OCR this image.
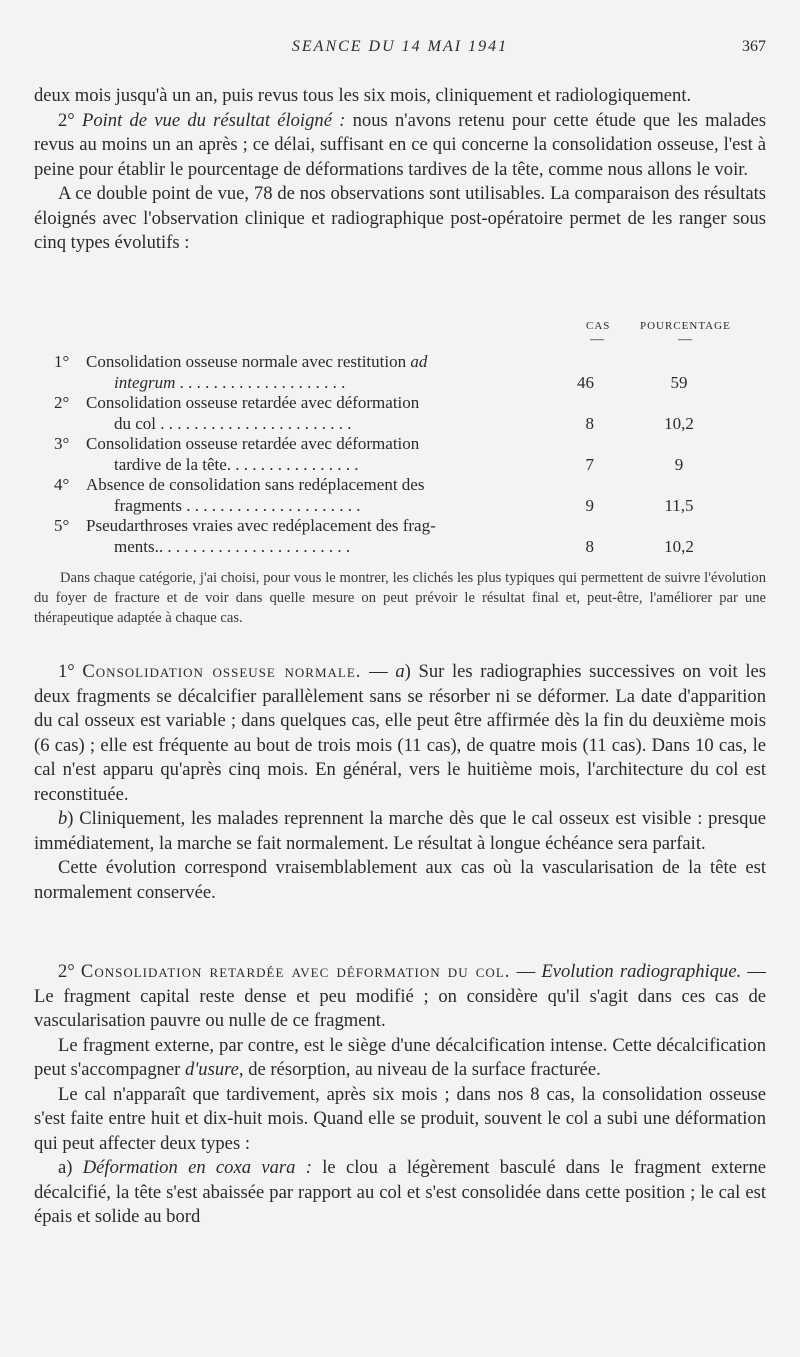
SEANCE DU 14 MAI 1941	367

deux mois jusqu'à un an, puis revus tous les six mois, cliniquement et radiologiquement.

2° Point de vue du résultat éloigné : nous n'avons retenu pour cette étude que les malades revus au moins un an après ; ce délai, suffisant en ce qui concerne la consolidation osseuse, l'est à peine pour établir le pourcentage de déformations tardives de la tête, comme nous allons le voir.

A ce double point de vue, 78 de nos observations sont utilisables. La comparaison des résultats éloignés avec l'observation clinique et radiographique post-opératoire permet de les ranger sous cinq types évolutifs :

CAS	POURCENTAGE
—	—
1° Consolidation osseuse normale avec restitution ad
integrum . . . . . . . . . . . . . . . . . . . .	46	59
2° Consolidation osseuse retardée avec déformation
du col . . . . . . . . . . . . . . . . . . . . . . .	8	10,2
3° Consolidation osseuse retardée avec déformation
tardive de la tête. . . . . . . . . . . . . . . .	7	9
4° Absence de consolidation sans redéplacement des
fragments . . . . . . . . . . . . . . . . . . . . .	9	11,5
5° Pseudarthroses vraies avec redéplacement des frag-
ments.. . . . . . . . . . . . . . . . . . . . . . .	8	10,2

Dans chaque catégorie, j'ai choisi, pour vous le montrer, les clichés les plus typiques qui permettent de suivre l'évolution du foyer de fracture et de voir dans quelle mesure on peut prévoir le résultat final et, peut-être, l'améliorer par une thérapeutique adaptée à chaque cas.

1° Consolidation osseuse normale. — a) Sur les radiographies successives on voit les deux fragments se décalcifier parallèlement sans se résorber ni se déformer. La date d'apparition du cal osseux est variable ; dans quelques cas, elle peut être affirmée dès la fin du deuxième mois (6 cas) ; elle est fréquente au bout de trois mois (11 cas), de quatre mois (11 cas). Dans 10 cas, le cal n'est apparu qu'après cinq mois. En général, vers le huitième mois, l'architecture du col est reconstituée.

b) Cliniquement, les malades reprennent la marche dès que le cal osseux est visible : presque immédiatement, la marche se fait normalement. Le résultat à longue échéance sera parfait.

Cette évolution correspond vraisemblablement aux cas où la vascularisation de la tête est normalement conservée.

2° Consolidation retardée avec déformation du col. — Evolution radiographique. — Le fragment capital reste dense et peu modifié ; on considère qu'il s'agit dans ces cas de vascularisation pauvre ou nulle de ce fragment.

Le fragment externe, par contre, est le siège d'une décalcification intense. Cette décalcification peut s'accompagner d'usure, de résorption, au niveau de la surface fracturée.

Le cal n'apparaît que tardivement, après six mois ; dans nos 8 cas, la consolidation osseuse s'est faite entre huit et dix-huit mois. Quand elle se produit, souvent le col a subi une déformation qui peut affecter deux types :

a) Déformation en coxa vara : le clou a légèrement basculé dans le fragment externe décalcifié, la tête s'est abaissée par rapport au col et s'est consolidée dans cette position ; le cal est épais et solide au bord
